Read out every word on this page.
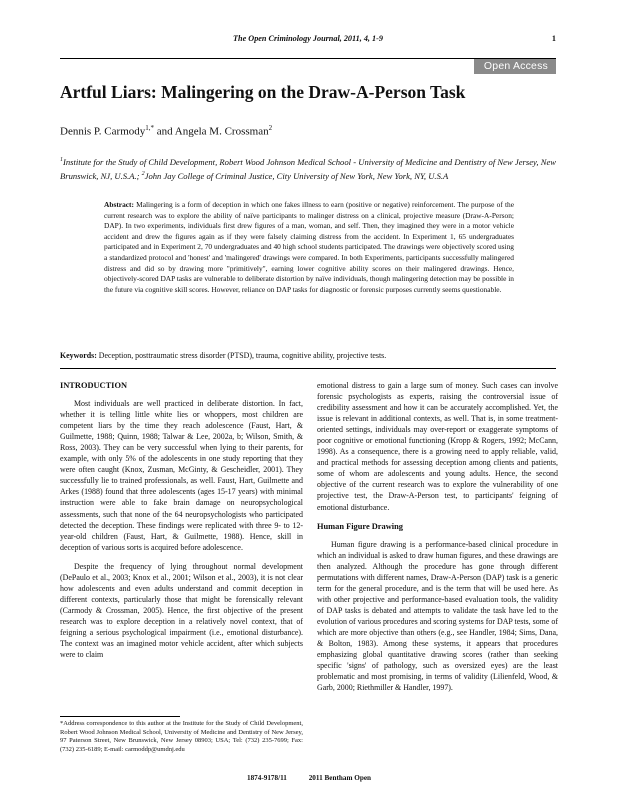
The Open Criminology Journal, 2011, 4, 1-9	1
Open Access
Artful Liars: Malingering on the Draw-A-Person Task
Dennis P. Carmody$^{1,*}$ and Angela M. Crossman$^2$
$^1$Institute for the Study of Child Development, Robert Wood Johnson Medical School - University of Medicine and Dentistry of New Jersey, New Brunswick, NJ, U.S.A.; $^2$John Jay College of Criminal Justice, City University of New York, New York, NY, U.S.A
Abstract: Malingering is a form of deception in which one fakes illness to earn (positive or negative) reinforcement. The purpose of the current research was to explore the ability of naïve participants to malinger distress on a clinical, projective measure (Draw-A-Person; DAP). In two experiments, individuals first drew figures of a man, woman, and self. Then, they imagined they were in a motor vehicle accident and drew the figures again as if they were falsely claiming distress from the accident. In Experiment 1, 65 undergraduates participated and in Experiment 2, 70 undergraduates and 40 high school students participated. The drawings were objectively scored using a standardized protocol and 'honest' and 'malingered' drawings were compared. In both Experiments, participants successfully malingered distress and did so by drawing more "primitively", earning lower cognitive ability scores on their malingered drawings. Hence, objectively-scored DAP tasks are vulnerable to deliberate distortion by naïve individuals, though malingering detection may be possible in the future via cognitive skill scores. However, reliance on DAP tasks for diagnostic or forensic purposes currently seems questionable.
Keywords: Deception, posttraumatic stress disorder (PTSD), trauma, cognitive ability, projective tests.

INTRODUCTION

Most individuals are well practiced in deliberate distortion. In fact, whether it is telling little white lies or whoppers, most children are competent liars by the time they reach adolescence (Faust, Hart, & Guilmette, 1988; Quinn, 1988; Talwar & Lee, 2002a, b; Wilson, Smith, & Ross, 2003). They can be very successful when lying to their parents, for example, with only 5% of the adolescents in one study reporting that they were often caught (Knox, Zusman, McGinty, & Gescheidler, 2001). They successfully lie to trained professionals, as well. Faust, Hart, Guilmette and Arkes (1988) found that three adolescents (ages 15-17 years) with minimal instruction were able to fake brain damage on neuropsychological assessments, such that none of the 64 neuropsychologists who participated detected the deception. These findings were replicated with three 9- to 12-year-old children (Faust, Hart, & Guilmette, 1988). Hence, skill in deception of various sorts is acquired before adolescence.

Despite the frequency of lying throughout normal development (DePaulo et al., 2003; Knox et al., 2001; Wilson et al., 2003), it is not clear how adolescents and even adults understand and commit deception in different contexts, particularly those that might be forensically relevant (Carmody & Crossman, 2005). Hence, the first objective of the present research was to explore deception in a relatively novel context, that of feigning a serious psychological impairment (i.e., emotional disturbance). The context was an imagined motor vehicle accident, after which subjects were to claim

emotional distress to gain a large sum of money. Such cases can involve forensic psychologists as experts, raising the controversial issue of credibility assessment and how it can be accurately accomplished. Yet, the issue is relevant in additional contexts, as well. That is, in some treatment-oriented settings, individuals may over-report or exaggerate symptoms of poor cognitive or emotional functioning (Kropp & Rogers, 1992; McCann, 1998). As a consequence, there is a growing need to apply reliable, valid, and practical methods for assessing deception among clients and patients, some of whom are adolescents and young adults. Hence, the second objective of the current research was to explore the vulnerability of one projective test, the Draw-A-Person test, to participants' feigning of emotional disturbance.

Human Figure Drawing

Human figure drawing is a performance-based clinical procedure in which an individual is asked to draw human figures, and these drawings are then analyzed. Although the procedure has gone through different permutations with different names, Draw-A-Person (DAP) task is a generic term for the general procedure, and is the term that will be used here. As with other projective and performance-based evaluation tools, the validity of DAP tasks is debated and attempts to validate the task have led to the evolution of various procedures and scoring systems for DAP tests, some of which are more objective than others (e.g., see Handler, 1984; Sims, Dana, & Bolton, 1983). Among these systems, it appears that procedures emphasizing global quantitative drawing scores (rather than seeking specific 'signs' of pathology, such as oversized eyes) are the least problematic and most promising, in terms of validity (Lilienfeld, Wood, & Garb, 2000; Riethmiller & Handler, 1997).

*Address correspondence to this author at the Institute for the Study of Child Development, Robert Wood Johnson Medical School, University of Medicine and Dentistry of New Jersey, 97 Paterson Street, New Brunswick, New Jersey 08903; USA; Tel: (732) 235-7699; Fax: (732) 235-6189; E-mail: carmoddp@umdnj.edu
1874-9178/11	2011 Bentham Open
